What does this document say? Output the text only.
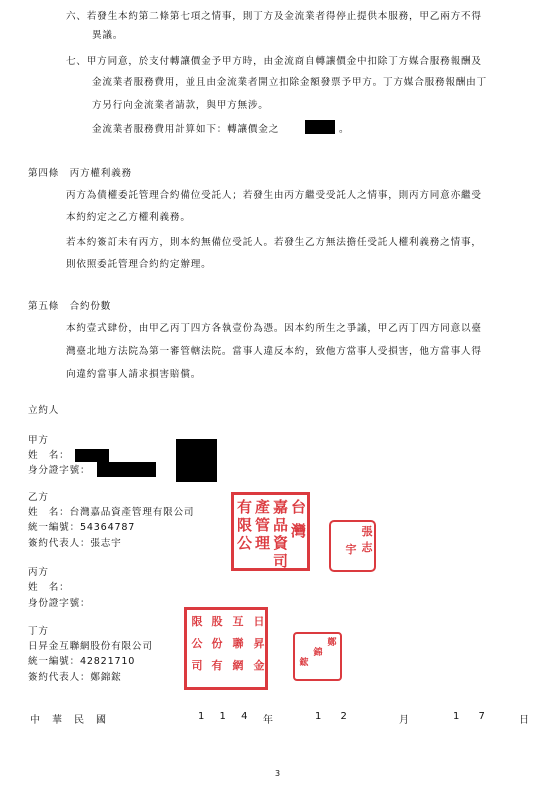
六、若發生本約第二條第七項之情事，則丁方及金流業者得停止提供本服務，甲乙兩方不得
異議。
七、甲方同意，於支付轉讓價金予甲方時，由金流商自轉讓價金中扣除丁方媒合服務報酬及
金流業者服務費用，並且由金流業者開立扣除金額發票予甲方。丁方媒合服務報酬由丁
方另行向金流業者請款，與甲方無涉。
金流業者服務費用計算如下：轉讓價金之	。
第四條　丙方權利義務
丙方為債權委託管理合約備位受託人；若發生由丙方繼受受託人之情事，則丙方同意亦繼受
本約約定之乙方權利義務。
若本約簽訂未有丙方，則本約無備位受託人。若發生乙方無法擔任受託人權利義務之情事，
則依照委託管理合約約定辦理。
第五條　合約份數
本約壹式肆份，由甲乙丙丁四方各執壹份為憑。因本約所生之爭議，甲乙丙丁四方同意以臺
灣臺北地方法院為第一審管轄法院。當事人違反本約，致他方當事人受損害，他方當事人得
向違約當事人請求損害賠償。
立約人
甲方
姓　名：
身分證字號：
乙方
姓　名：台灣嘉品資產管理有限公司
統一編號：54364787
簽約代表人：張志宇
台
灣
嘉
品
資
產
管
理
有
限
公
司
張
志
宇
丙方
姓　名：
身份證字號：
丁方
日昇金互聯網股份有限公司
統一編號：42821710
簽約代表人：鄭錦鋐
日
昇
金
互
聯
網
股
份
有
限
公
司
鄭
錦
鋐
中 華 民 國	1 1 4 年	1 2	月	1 7	日
3
